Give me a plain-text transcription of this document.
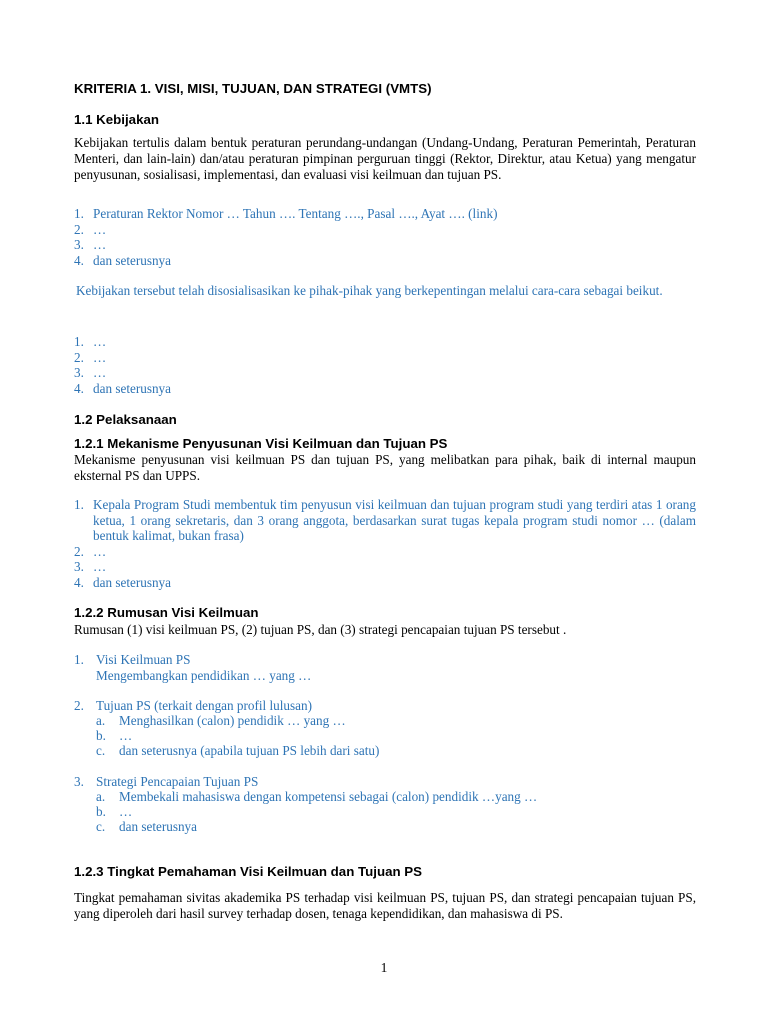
KRITERIA 1. VISI, MISI, TUJUAN, DAN STRATEGI (VMTS)
1.1 Kebijakan

Kebijakan tertulis dalam bentuk peraturan perundang-undangan (Undang-Undang, Peraturan Pemerintah, Peraturan Menteri, dan lain-lain) dan/atau peraturan pimpinan perguruan tinggi (Rektor, Direktur, atau Ketua) yang mengatur penyusunan, sosialisasi, implementasi, dan evaluasi visi keilmuan dan tujuan PS.

1. Peraturan Rektor Nomor … Tahun …. Tentang …., Pasal …., Ayat …. (link)
2. …
3. …
4. dan seterusnya

Kebijakan tersebut telah disosialisasikan ke pihak-pihak yang berkepentingan melalui cara-cara sebagai beikut.

1. …
2. …
3. …
4. dan seterusnya
1.2 Pelaksanaan
1.2.1 Mekanisme Penyusunan Visi Keilmuan dan Tujuan PS

Mekanisme penyusunan visi keilmuan PS dan tujuan PS, yang melibatkan para pihak, baik di internal maupun eksternal PS dan UPPS.

1. Kepala Program Studi membentuk tim penyusun visi keilmuan dan tujuan program studi yang terdiri atas 1 orang ketua, 1 orang sekretaris, dan 3 orang anggota, berdasarkan surat tugas kepala program studi nomor … (dalam bentuk kalimat, bukan frasa)
2. …
3. …
4. dan seterusnya
1.2.2 Rumusan Visi Keilmuan

Rumusan (1) visi keilmuan PS, (2) tujuan PS, dan (3) strategi pencapaian tujuan PS tersebut .

1. Visi Keilmuan PS
Mengembangkan pendidikan … yang …
2. Tujuan PS (terkait dengan profil lulusan)
a. Menghasilkan (calon) pendidik … yang …
b. …
c. dan seterusnya (apabila tujuan PS lebih dari satu)
3. Strategi Pencapaian Tujuan PS
a. Membekali mahasiswa dengan kompetensi sebagai (calon) pendidik …yang …
b. …
c. dan seterusnya
1.2.3 Tingkat Pemahaman Visi Keilmuan dan Tujuan PS

Tingkat pemahaman sivitas akademika PS terhadap visi keilmuan PS, tujuan PS, dan strategi pencapaian tujuan PS, yang diperoleh dari hasil survey terhadap dosen, tenaga kependidikan, dan mahasiswa di PS.

1
